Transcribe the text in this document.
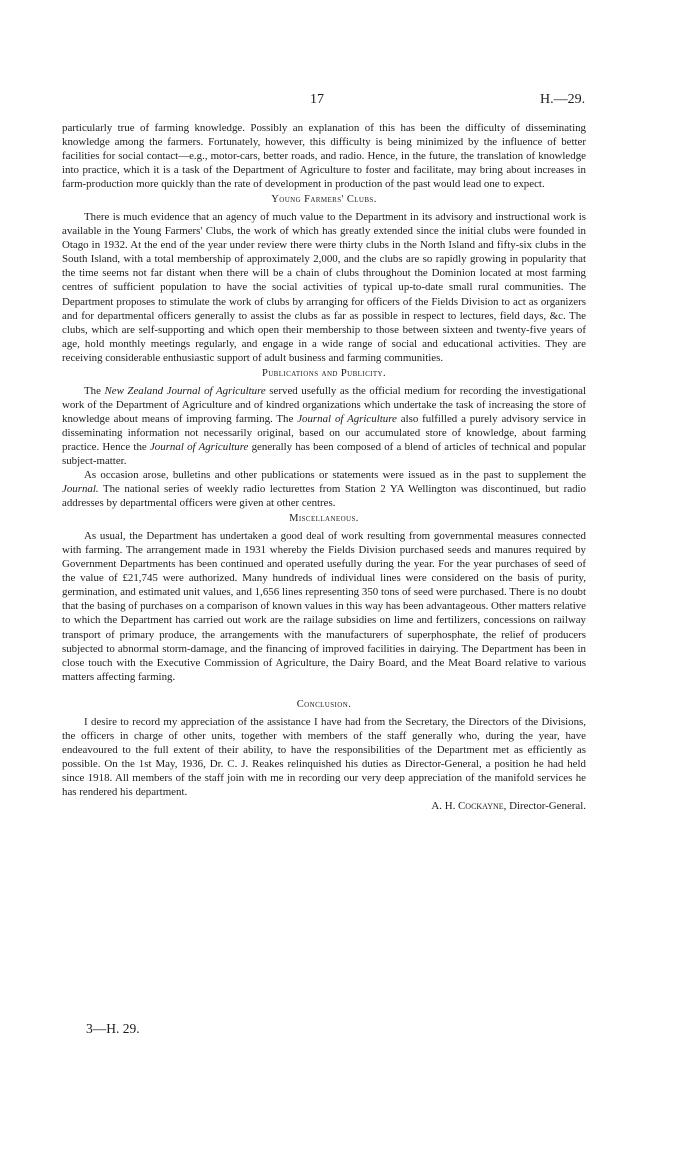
17	H.—29.

particularly true of farming knowledge. Possibly an explanation of this has been the difficulty of disseminating knowledge among the farmers. Fortunately, however, this difficulty is being minimized by the influence of better facilities for social contact—e.g., motor-cars, better roads, and radio. Hence, in the future, the translation of knowledge into practice, which it is a task of the Department of Agriculture to foster and facilitate, may bring about increases in farm-production more quickly than the rate of development in production of the past would lead one to expect.

Young Farmers' Clubs.

There is much evidence that an agency of much value to the Department in its advisory and instructional work is available in the Young Farmers' Clubs, the work of which has greatly extended since the initial clubs were founded in Otago in 1932. At the end of the year under review there were thirty clubs in the North Island and fifty-six clubs in the South Island, with a total membership of approximately 2,000, and the clubs are so rapidly growing in popularity that the time seems not far distant when there will be a chain of clubs throughout the Dominion located at most farming centres of sufficient population to have the social activities of typical up-to-date small rural communities. The Department proposes to stimulate the work of clubs by arranging for officers of the Fields Division to act as organizers and for departmental officers generally to assist the clubs as far as possible in respect to lectures, field days, &c. The clubs, which are self-supporting and which open their membership to those between sixteen and twenty-five years of age, hold monthly meetings regularly, and engage in a wide range of social and educational activities. They are receiving considerable enthusiastic support of adult business and farming communities.

Publications and Publicity.

The New Zealand Journal of Agriculture served usefully as the official medium for recording the investigational work of the Department of Agriculture and of kindred organizations which undertake the task of increasing the store of knowledge about means of improving farming. The Journal of Agriculture also fulfilled a purely advisory service in disseminating information not necessarily original, based on our accumulated store of knowledge, about farming practice. Hence the Journal of Agriculture generally has been composed of a blend of articles of technical and popular subject-matter.

As occasion arose, bulletins and other publications or statements were issued as in the past to supplement the Journal. The national series of weekly radio lecturettes from Station 2 YA Wellington was discontinued, but radio addresses by departmental officers were given at other centres.

Miscellaneous.

As usual, the Department has undertaken a good deal of work resulting from governmental measures connected with farming. The arrangement made in 1931 whereby the Fields Division purchased seeds and manures required by Government Departments has been continued and operated usefully during the year. For the year purchases of seed of the value of £21,745 were authorized. Many hundreds of individual lines were considered on the basis of purity, germination, and estimated unit values, and 1,656 lines representing 350 tons of seed were purchased. There is no doubt that the basing of purchases on a comparison of known values in this way has been advantageous. Other matters relative to which the Department has carried out work are the railage subsidies on lime and fertilizers, concessions on railway transport of primary produce, the arrangements with the manufacturers of superphosphate, the relief of producers subjected to abnormal storm-damage, and the financing of improved facilities in dairying. The Department has been in close touch with the Executive Commission of Agriculture, the Dairy Board, and the Meat Board relative to various matters affecting farming.

Conclusion.

I desire to record my appreciation of the assistance I have had from the Secretary, the Directors of the Divisions, the officers in charge of other units, together with members of the staff generally who, during the year, have endeavoured to the full extent of their ability, to have the responsibilities of the Department met as efficiently as possible. On the 1st May, 1936, Dr. C. J. Reakes relinquished his duties as Director-General, a position he had held since 1918. All members of the staff join with me in recording our very deep appreciation of the manifold services he has rendered his department.

A. H. Cockayne, Director-General.

3—H. 29.
